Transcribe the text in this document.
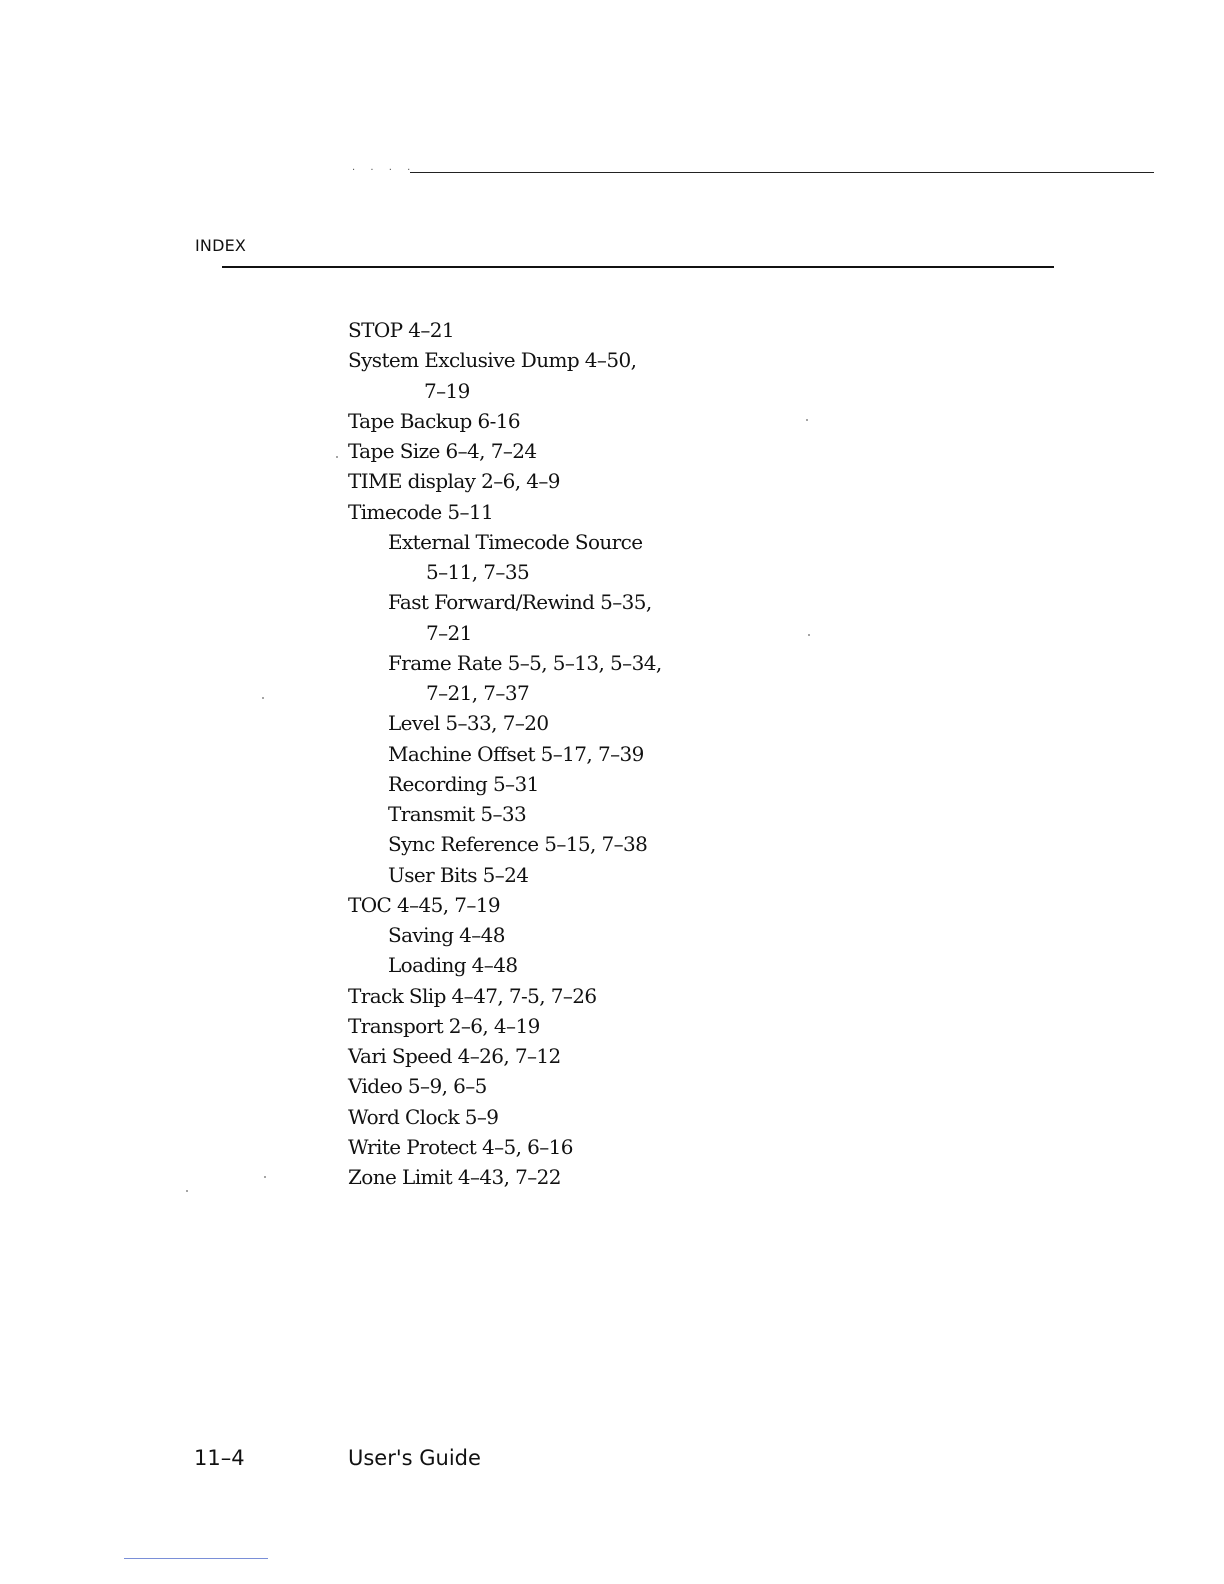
· · · ·
INDEX
STOP 4–21
System Exclusive Dump 4–50,
7–19
Tape Backup 6-16
Tape Size 6–4, 7–24
TIME display 2–6, 4–9
Timecode 5–11
External Timecode Source
5–11, 7–35
Fast Forward/Rewind 5–35,
7–21
Frame Rate 5–5, 5–13, 5–34,
7–21, 7–37
Level 5–33, 7–20
Machine Offset 5–17, 7–39
Recording 5–31
Transmit 5–33
Sync Reference 5–15, 7–38
User Bits 5–24
TOC 4–45, 7–19
Saving 4–48
Loading 4–48
Track Slip 4–47, 7-5, 7–26
Transport 2–6, 4–19
Vari Speed 4–26, 7–12
Video 5–9, 6–5
Word Clock 5–9
Write Protect 4–5, 6–16
Zone Limit 4–43, 7–22
11–4	User's Guide
